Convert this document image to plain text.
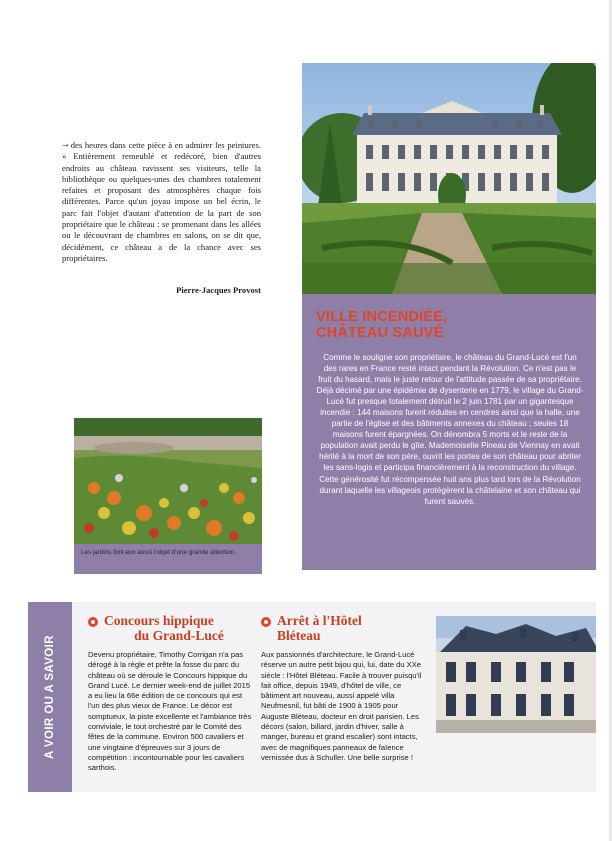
→ des heures dans cette pièce à en admirer les peintures. » Entièrement remeublé et redécoré, bien d'autres endroits au château ravissent ses visiteurs, telle la bibliothèque ou quelques-unes des chambres totalement refaites et proposant des atmosphères chaque fois différentes. Parce qu'un joyau impose un bel écrin, le parc fait l'objet d'autant d'attention de la part de son propriétaire que le château : se promenant dans les allées ou le découvrant de chambres en salons, on se dit que, décidément, ce château a de la chance avec ses propriétaires.
Pierre-Jacques Provost
VILLE INCENDIÉE,
CHÂTEAU SAUVÉ
Comme le souligne son propriétaire, le château du Grand-Lucé est l'un des rares en France resté intact pendant la Révolution. Ce n'est pas le fruit du hasard, mais le juste retour de l'attitude passée de sa propriétaire. Déjà décimé par une épidémie de dysenterie en 1779, le village du Grand-Lucé fut presque totalement détruit le 2 juin 1781 par un gigantesque incendie : 144 maisons furent réduites en cendres ainsi que la halle, une partie de l'église et des bâtiments annexes du château ; seules 18 maisons furent épargnées. On dénombra 5 morts et le reste de la population avait perdu le gîte. Mademoiselle Pineau de Viennay en avait hérité à la mort de son père, ouvrit les portes de son château pour abriter les sans-logis et participa financièrement à la reconstruction du village. Cette générosité fut récompensée huit ans plus tard lors de la Révolution durant laquelle les villageois protégèrent la châtelaine et son château qui furent sauvés.
Les jardins font eux aussi l'objet d'une grande attention.
A VOIR OU A SAVOIR
Concours hippique
du Grand-Lucé
Devenu propriétaire, Timothy Corrigan n'a pas dérogé à la règle et prête la fosse du parc du château où se déroule le Concours hippique du Grand Lucé. Le dernier week-end de juillet 2015 a eu lieu la 66e édition de ce concours qui est l'un des plus vieux de France. Le décor est somptueux, la piste excellente et l'ambiance très conviviale, le tout orchestré par le Comité des fêtes de la commune. Environ 500 cavaliers et une vingtaine d'épreuves sur 3 jours de compétition : incontournable pour les cavaliers sarthois.
Arrêt à l'Hôtel
Bléteau
Aux passionnés d'architecture, le Grand-Lucé réserve un autre petit bijou qui, lui, date du XXe siècle : l'Hôtel Bléteau. Facile à trouver puisqu'il fait office, depuis 1949, d'hôtel de ville, ce bâtiment art nouveau, aussi appelé villa Neufmesnil, fut bâti de 1900 à 1905 pour Auguste Bléteau, docteur en droit parisien. Les décors (salon, billard, jardin d'hiver, salle à manger, bureau et grand escalier) sont intacts, avec de magnifiques panneaux de faïence vernissée dus à Schuller. Une belle surprise !
